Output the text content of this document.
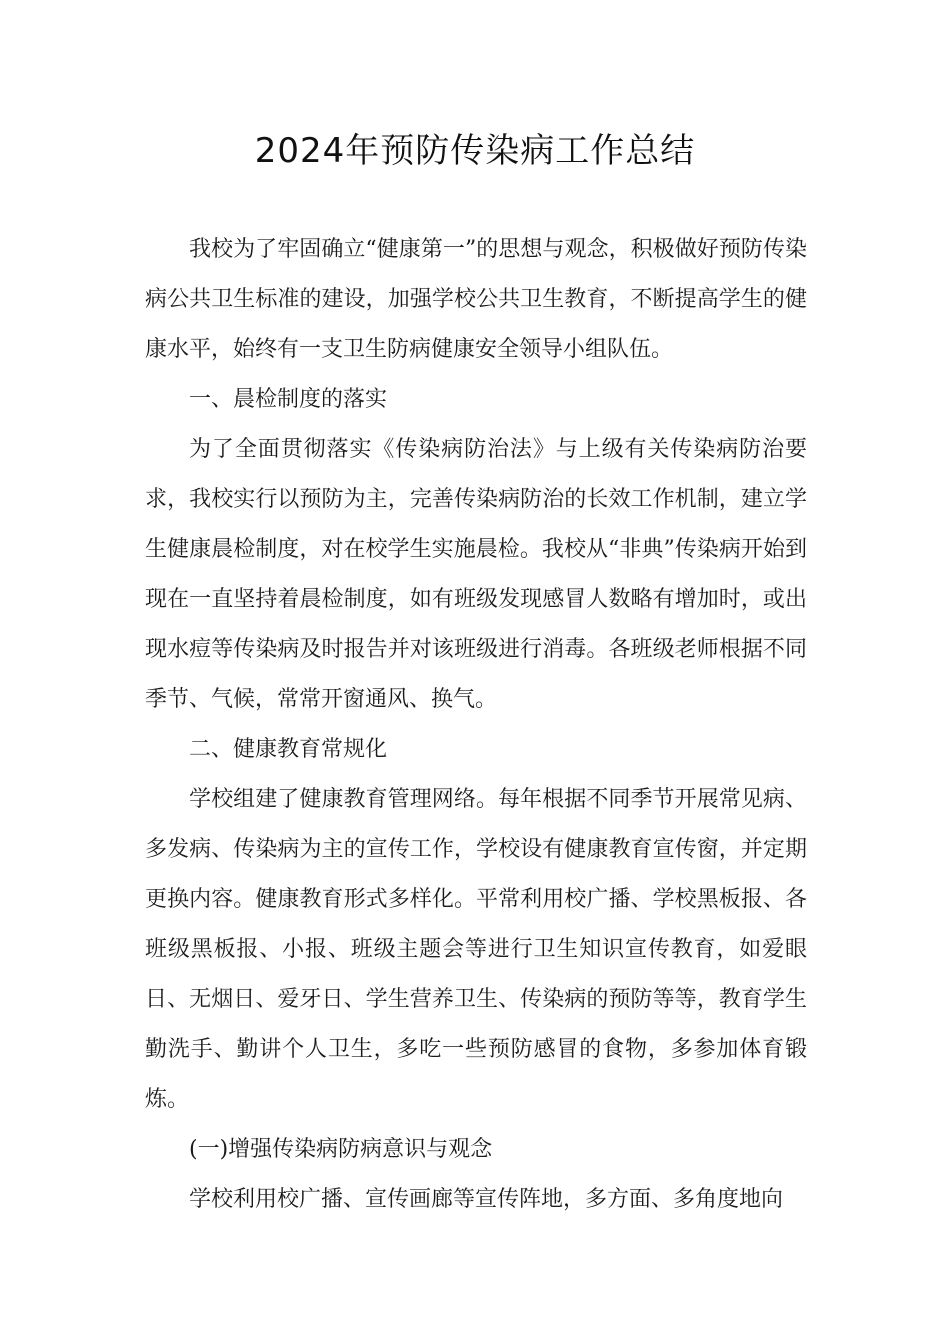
2024年预防传染病工作总结

我校为了牢固确立“健康第一”的思想与观念，积极做好预防传染病公共卫生标准的建设，加强学校公共卫生教育，不断提高学生的健康水平，始终有一支卫生防病健康安全领导小组队伍。

一、晨检制度的落实

为了全面贯彻落实《传染病防治法》与上级有关传染病防治要求，我校实行以预防为主，完善传染病防治的长效工作机制，建立学生健康晨检制度，对在校学生实施晨检。我校从“非典”传染病开始到现在一直坚持着晨检制度，如有班级发现感冒人数略有增加时，或出现水痘等传染病及时报告并对该班级进行消毒。各班级老师根据不同季节、气候，常常开窗通风、换气。

二、健康教育常规化

学校组建了健康教育管理网络。每年根据不同季节开展常见病、多发病、传染病为主的宣传工作，学校设有健康教育宣传窗，并定期更换内容。健康教育形式多样化。平常利用校广播、学校黑板报、各班级黑板报、小报、班级主题会等进行卫生知识宣传教育，如爱眼日、无烟日、爱牙日、学生营养卫生、传染病的预防等等，教育学生勤洗手、勤讲个人卫生，多吃一些预防感冒的食物，多参加体育锻炼。

(一)增强传染病防病意识与观念

学校利用校广播、宣传画廊等宣传阵地，多方面、多角度地向
